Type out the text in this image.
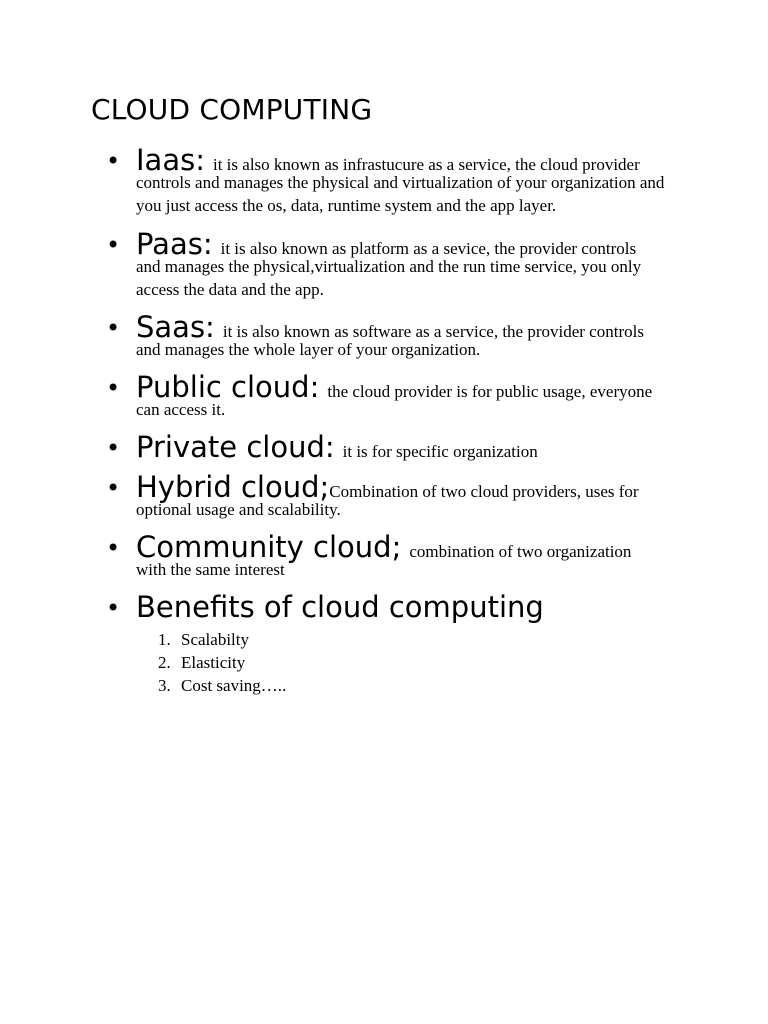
CLOUD COMPUTING
• Iaas: it is also known as infrastucure as a service, the cloud provider
controls and manages the physical and virtualization of your organization and you just access the os, data, runtime system and the app layer.
• Paas: it is also known as platform as a sevice, the provider controls
and manages the physical,virtualization and the run time service, you only access the data and the app.
• Saas: it is also known as software as a service, the provider controls
and manages the whole layer of your organization.
• Public cloud: the cloud provider is for public usage, everyone
can access it.
• Private cloud: it is for specific organization
• Hybrid cloud;Combination of two cloud providers, uses for
optional usage and scalability.
• Community cloud; combination of two organization
with the same interest
• Benefits of cloud computing
1. Scalabilty
2. Elasticity
3. Cost saving…..
